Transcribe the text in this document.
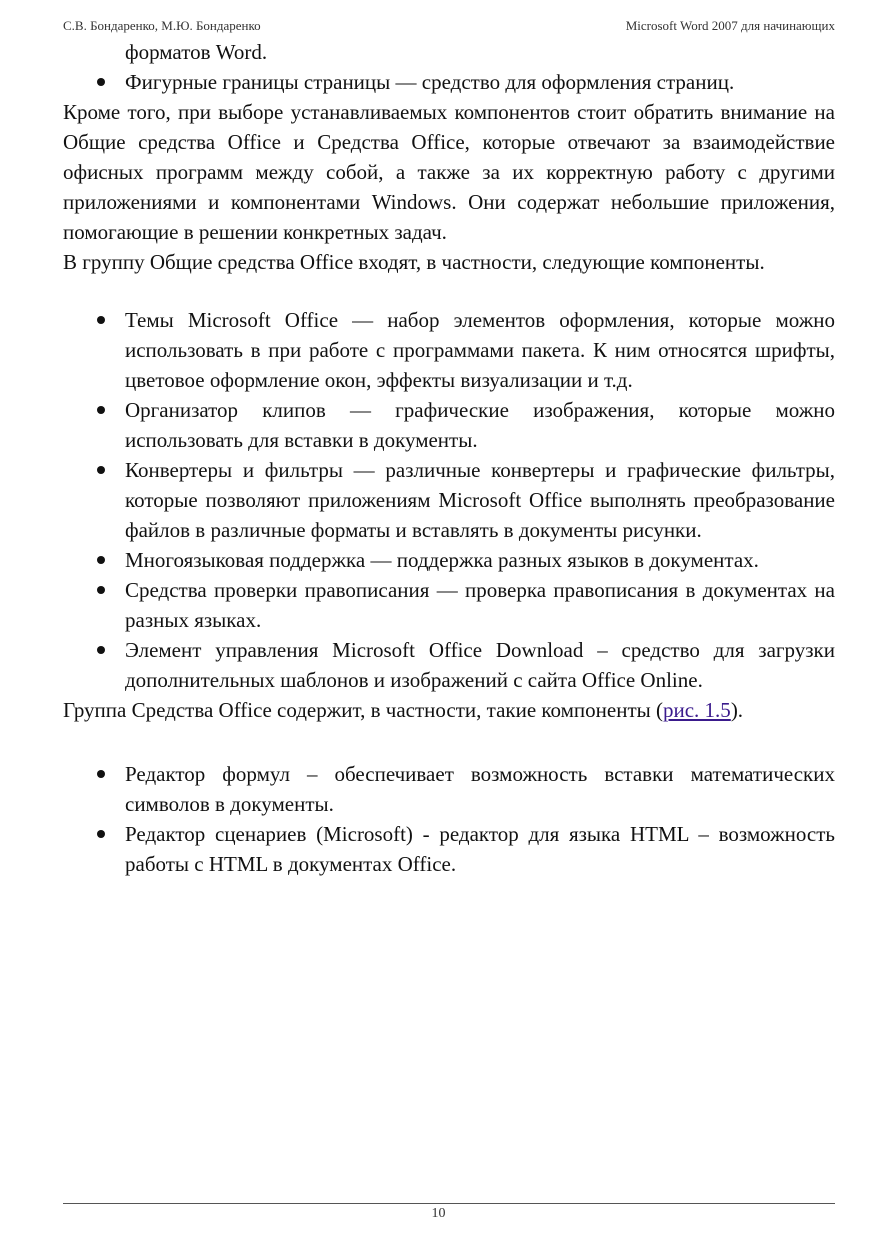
С.В. Бондаренко, М.Ю. Бондаренко	Microsoft Word 2007 для начинающих
форматов Word.
Фигурные границы страницы — средство для оформления страниц.

Кроме того, при выборе устанавливаемых компонентов стоит обратить внимание на Общие средства Office и Средства Office, которые отвечают за взаимодействие офисных программ между собой, а также за их корректную работу с другими приложениями и компонентами Windows. Они содержат небольшие приложения, помогающие в решении конкретных задач.

В группу Общие средства Office входят, в частности, следующие компоненты.

Темы Microsoft Office — набор элементов оформления, которые можно использовать в при работе с программами пакета. К ним относятся шрифты, цветовое оформление окон, эффекты визуализации и т.д.
Организатор клипов — графические изображения, которые можно использовать для вставки в документы.
Конвертеры и фильтры — различные конвертеры и графические фильтры, которые позволяют приложениям Microsoft Office выполнять преобразование файлов в различные форматы и вставлять в документы рисунки.
Многоязыковая поддержка — поддержка разных языков в документах.
Средства проверки правописания — проверка правописания в документах на разных языках.
Элемент управления Microsoft Office Download – средство для загрузки дополнительных шаблонов и изображений с сайта Office Online.

Группа Средства Office содержит, в частности, такие компоненты (рис. 1.5).

Редактор формул – обеспечивает возможность вставки математических символов в документы.
Редактор сценариев (Microsoft) - редактор для языка HTML – возможность работы с HTML в документах Office.
10
